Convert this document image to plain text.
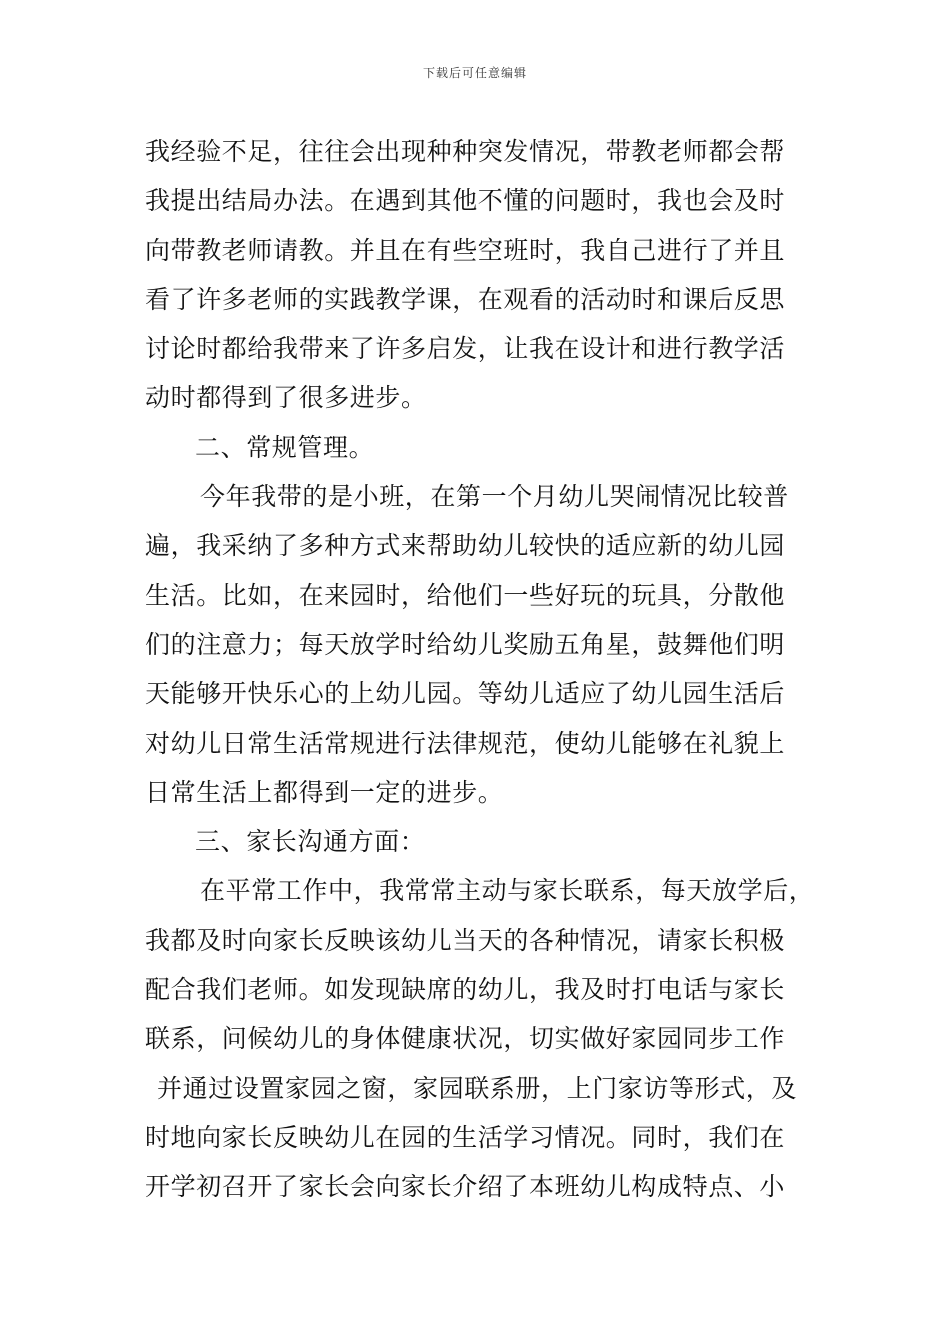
下载后可任意编辑
我经验不足，往往会出现种种突发情况，带教老师都会帮
我提出结局办法。在遇到其他不懂的问题时，我也会及时
向带教老师请教。并且在有些空班时，我自己进行了并且
看了许多老师的实践教学课，在观看的活动时和课后反思
讨论时都给我带来了许多启发，让我在设计和进行教学活
动时都得到了很多进步。
二、常规管理。
今年我带的是小班，在第一个月幼儿哭闹情况比较普
遍，我采纳了多种方式来帮助幼儿较快的适应新的幼儿园
生活。比如，在来园时，给他们一些好玩的玩具，分散他
们的注意力；每天放学时给幼儿奖励五角星，鼓舞他们明
天能够开快乐心的上幼儿园。等幼儿适应了幼儿园生活后
对幼儿日常生活常规进行法律规范，使幼儿能够在礼貌上
日常生活上都得到一定的进步。
三、家长沟通方面：
在平常工作中，我常常主动与家长联系，每天放学后，
我都及时向家长反映该幼儿当天的各种情况，请家长积极
配合我们老师。如发现缺席的幼儿，我及时打电话与家长
联系，问候幼儿的身体健康状况，切实做好家园同步工作
并通过设置家园之窗，家园联系册，上门家访等形式，及
时地向家长反映幼儿在园的生活学习情况。同时，我们在
开学初召开了家长会向家长介绍了本班幼儿构成特点、小
